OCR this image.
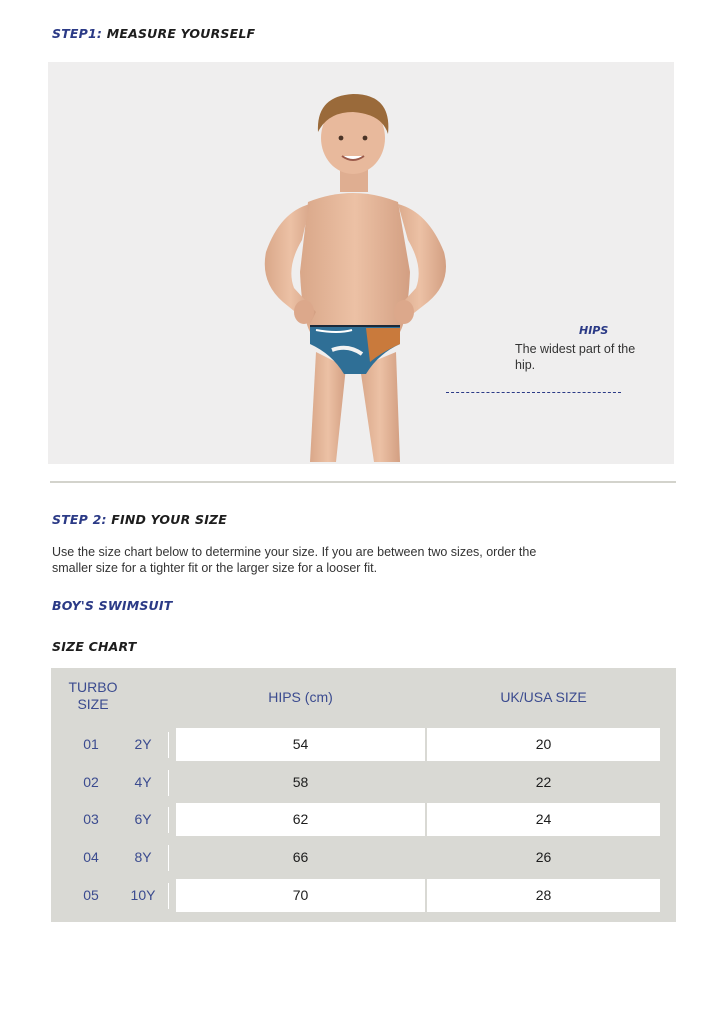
STEP1: MEASURE YOURSELF
HIPS
The widest part of the hip.
STEP 2: FIND YOUR SIZE
Use the size chart below to determine your size. If you are between two sizes, order the smaller size for a tighter fit or the larger size for a looser fit.
BOY'S SWIMSUIT
SIZE CHART
TURBO
SIZE	HIPS (cm)	UK/USA SIZE
01	2Y	54	20
02	4Y	58	22
03	6Y	62	24
04	8Y	66	26
05	10Y	70	28
